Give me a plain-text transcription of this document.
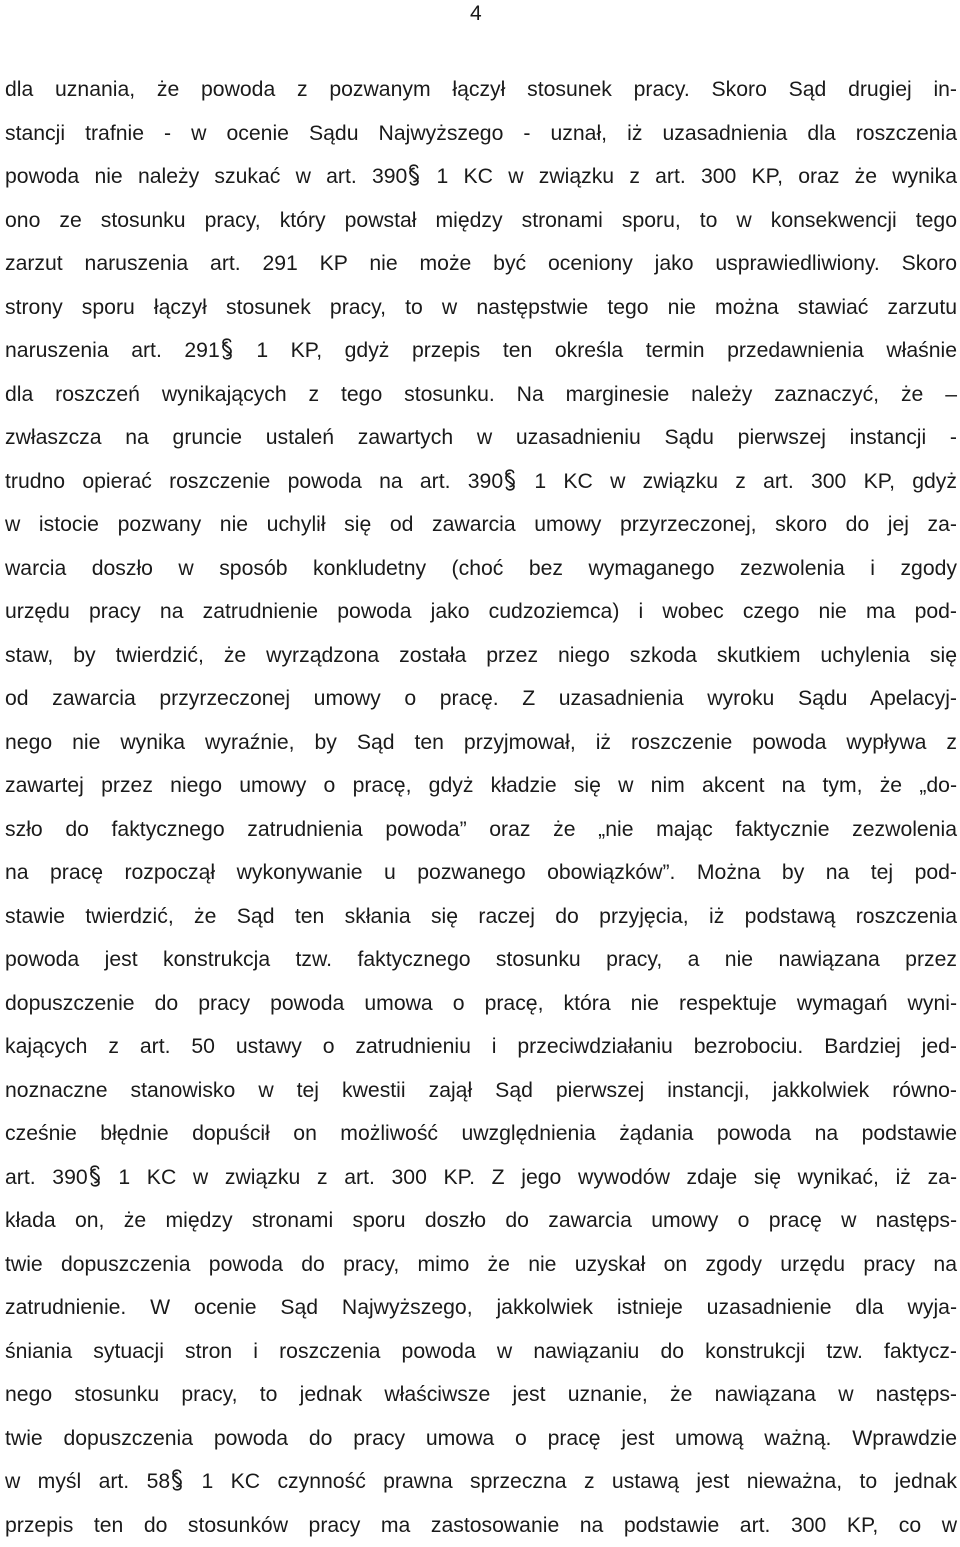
4
dla uznania, że powoda z pozwanym łączył stosunek pracy. Skoro Sąd drugiej in-
stancji trafnie - w ocenie Sądu Najwyższego - uznał, iż uzasadnienia dla roszczenia
powoda nie należy szukać w art. 390 1 KC w związku z art. 300 KP, oraz że wynika
ono ze stosunku pracy, który powstał między stronami sporu, to w konsekwencji tego
zarzut naruszenia art. 291 KP nie może być oceniony jako usprawiedliwiony. Skoro
strony sporu łączył stosunek pracy, to w następstwie tego nie można stawiać zarzutu
naruszenia art. 291 1 KP, gdyż przepis ten określa termin przedawnienia właśnie
dla roszczeń wynikających z tego stosunku. Na marginesie należy zaznaczyć, że –
zwłaszcza na gruncie ustaleń zawartych w uzasadnieniu Sądu pierwszej instancji -
trudno opierać roszczenie powoda na art. 390 1 KC w związku z art. 300 KP, gdyż
w istocie pozwany nie uchylił się od zawarcia umowy przyrzeczonej, skoro do jej za-
warcia doszło w sposób konkludetny (choć bez wymaganego zezwolenia i zgody
urzędu pracy na zatrudnienie powoda jako cudzoziemca) i wobec czego nie ma pod-
staw, by twierdzić, że wyrządzona została przez niego szkoda skutkiem uchylenia się
od zawarcia przyrzeczonej umowy o pracę. Z uzasadnienia wyroku Sądu Apelacyj-
nego nie wynika wyraźnie, by Sąd ten przyjmował, iż roszczenie powoda wypływa z
zawartej przez niego umowy o pracę, gdyż kładzie się w nim akcent na tym, że „do-
szło do faktycznego zatrudnienia powoda” oraz że „nie mając faktycznie zezwolenia
na pracę rozpoczął wykonywanie u pozwanego obowiązków”. Można by na tej pod-
stawie twierdzić, że Sąd ten skłania się raczej do przyjęcia, iż podstawą roszczenia
powoda jest konstrukcja tzw. faktycznego stosunku pracy, a nie nawiązana przez
dopuszczenie do pracy powoda umowa o pracę, która nie respektuje wymagań wyni-
kających z art. 50 ustawy o zatrudnieniu i przeciwdziałaniu bezrobociu. Bardziej jed-
noznaczne stanowisko w tej kwestii zajął Sąd pierwszej instancji, jakkolwiek równo-
cześnie błędnie dopuścił on możliwość uwzględnienia żądania powoda na podstawie
art. 390 1 KC w związku z art. 300 KP. Z jego wywodów zdaje się wynikać, iż za-
kłada on, że między stronami sporu doszło do zawarcia umowy o pracę w następs-
twie dopuszczenia powoda do pracy, mimo że nie uzyskał on zgody urzędu pracy na
zatrudnienie. W ocenie Sąd Najwyższego, jakkolwiek istnieje uzasadnienie dla wyja-
śniania sytuacji stron i roszczenia powoda w nawiązaniu do konstrukcji tzw. faktycz-
nego stosunku pracy, to jednak właściwsze jest uznanie, że nawiązana w następs-
twie dopuszczenia powoda do pracy umowa o pracę jest umową ważną. Wprawdzie
w myśl art. 58 1 KC czynność prawna sprzeczna z ustawą jest nieważna, to jednak
przepis ten do stosunków pracy ma zastosowanie na podstawie art. 300 KP, co w
